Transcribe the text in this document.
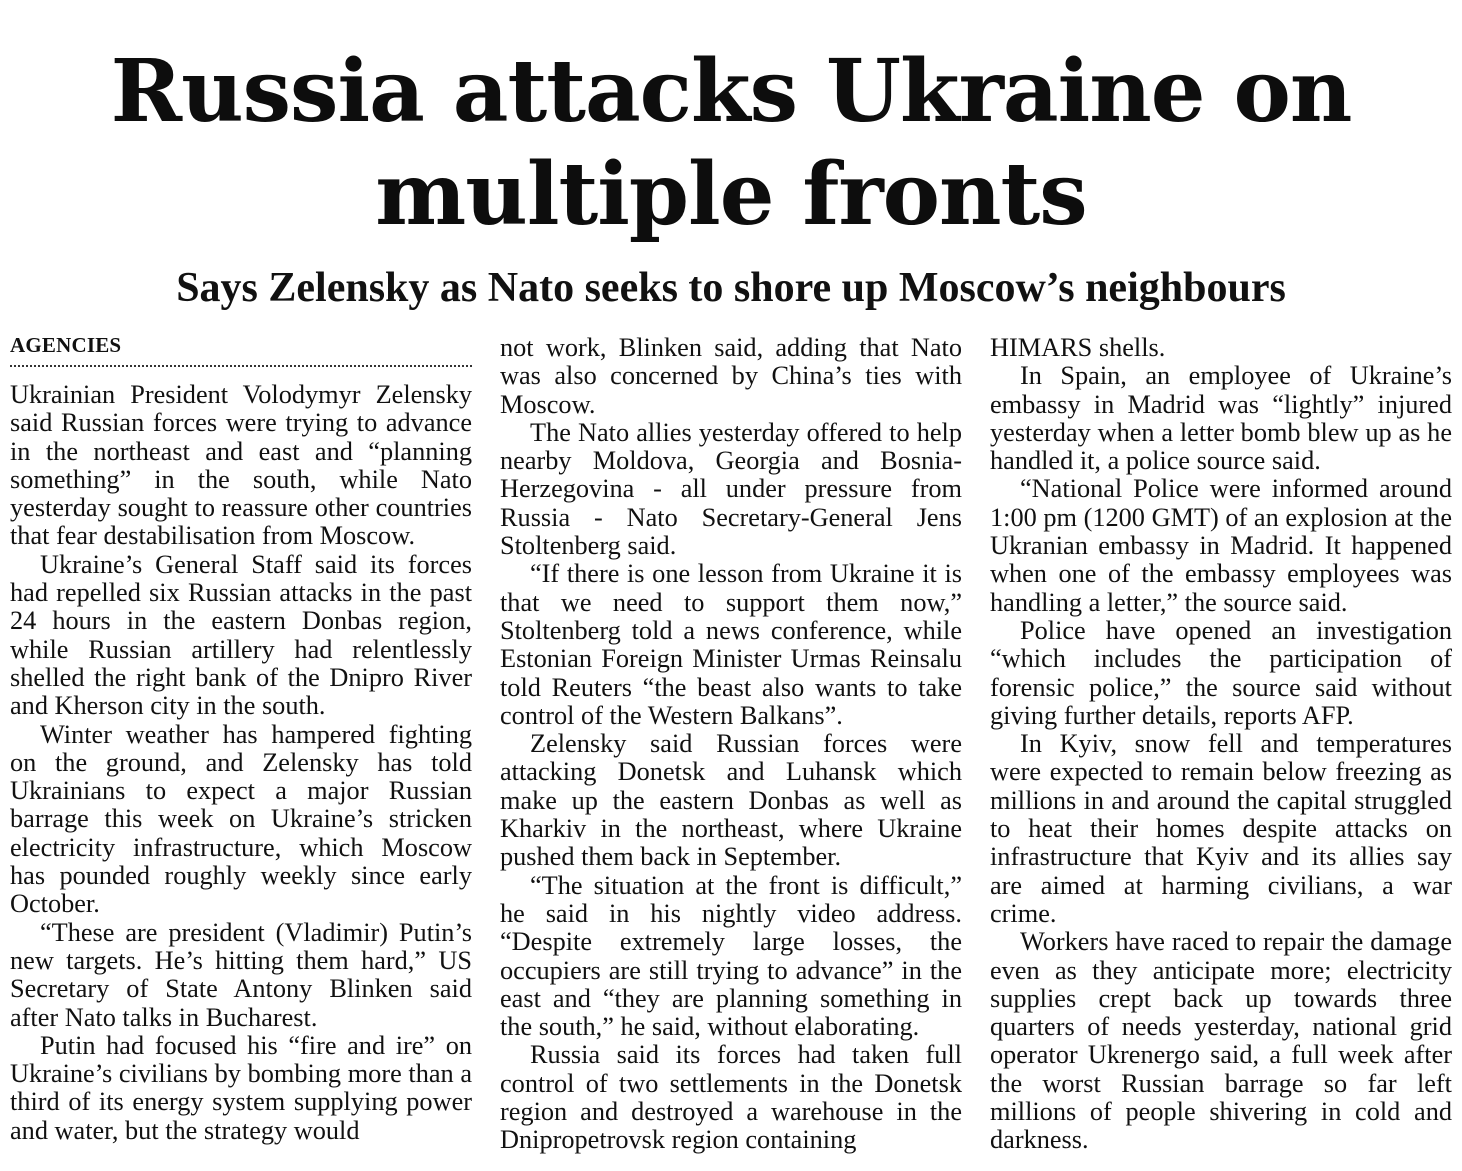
Russia attacks Ukraine on multiple fronts
Says Zelensky as Nato seeks to shore up Moscow’s neighbours
AGENCIES

Ukrainian President Volodymyr Zelensky said Russian forces were trying to advance in the northeast and east and “planning something” in the south, while Nato yesterday sought to reassure other countries that fear destabilisation from Moscow.

Ukraine’s General Staff said its forces had repelled six Russian attacks in the past 24 hours in the eastern Donbas region, while Russian artillery had relentlessly shelled the right bank of the Dnipro River and Kherson city in the south.

Winter weather has hampered fighting on the ground, and Zelensky has told Ukrainians to expect a major Russian barrage this week on Ukraine’s stricken electricity infrastructure, which Moscow has pounded roughly weekly since early October.

“These are president (Vladimir) Putin’s new targets. He’s hitting them hard,” US Secretary of State Antony Blinken said after Nato talks in Bucharest.

Putin had focused his “fire and ire” on Ukraine’s civilians by bombing more than a third of its energy system supplying power and water, but the strategy would

not work, Blinken said, adding that Nato was also concerned by China’s ties with Moscow.

The Nato allies yesterday offered to help nearby Moldova, Georgia and Bosnia-Herzegovina - all under pressure from Russia - Nato Secretary-General Jens Stoltenberg said.

“If there is one lesson from Ukraine it is that we need to support them now,” Stoltenberg told a news conference, while Estonian Foreign Minister Urmas Reinsalu told Reuters “the beast also wants to take control of the Western Balkans”.

Zelensky said Russian forces were attacking Donetsk and Luhansk which make up the eastern Donbas as well as Kharkiv in the northeast, where Ukraine pushed them back in September.

“The situation at the front is difficult,” he said in his nightly video address. “Despite extremely large losses, the occupiers are still trying to advance” in the east and “they are planning something in the south,” he said, without elaborating.

Russia said its forces had taken full control of two settlements in the Donetsk region and destroyed a warehouse in the Dnipropetrovsk region containing

HIMARS shells.

In Spain, an employee of Ukraine’s embassy in Madrid was “lightly” injured yesterday when a letter bomb blew up as he handled it, a police source said.

“National Police were informed around 1:00 pm (1200 GMT) of an explosion at the Ukranian embassy in Madrid. It happened when one of the embassy employees was handling a letter,” the source said.

Police have opened an investigation “which includes the participation of forensic police,” the source said without giving further details, reports AFP.

In Kyiv, snow fell and temperatures were expected to remain below freezing as millions in and around the capital struggled to heat their homes despite attacks on infrastructure that Kyiv and its allies say are aimed at harming civilians, a war crime.

Workers have raced to repair the damage even as they anticipate more; electricity supplies crept back up towards three quarters of needs yesterday, national grid operator Ukrenergo said, a full week after the worst Russian barrage so far left millions of people shivering in cold and darkness.
